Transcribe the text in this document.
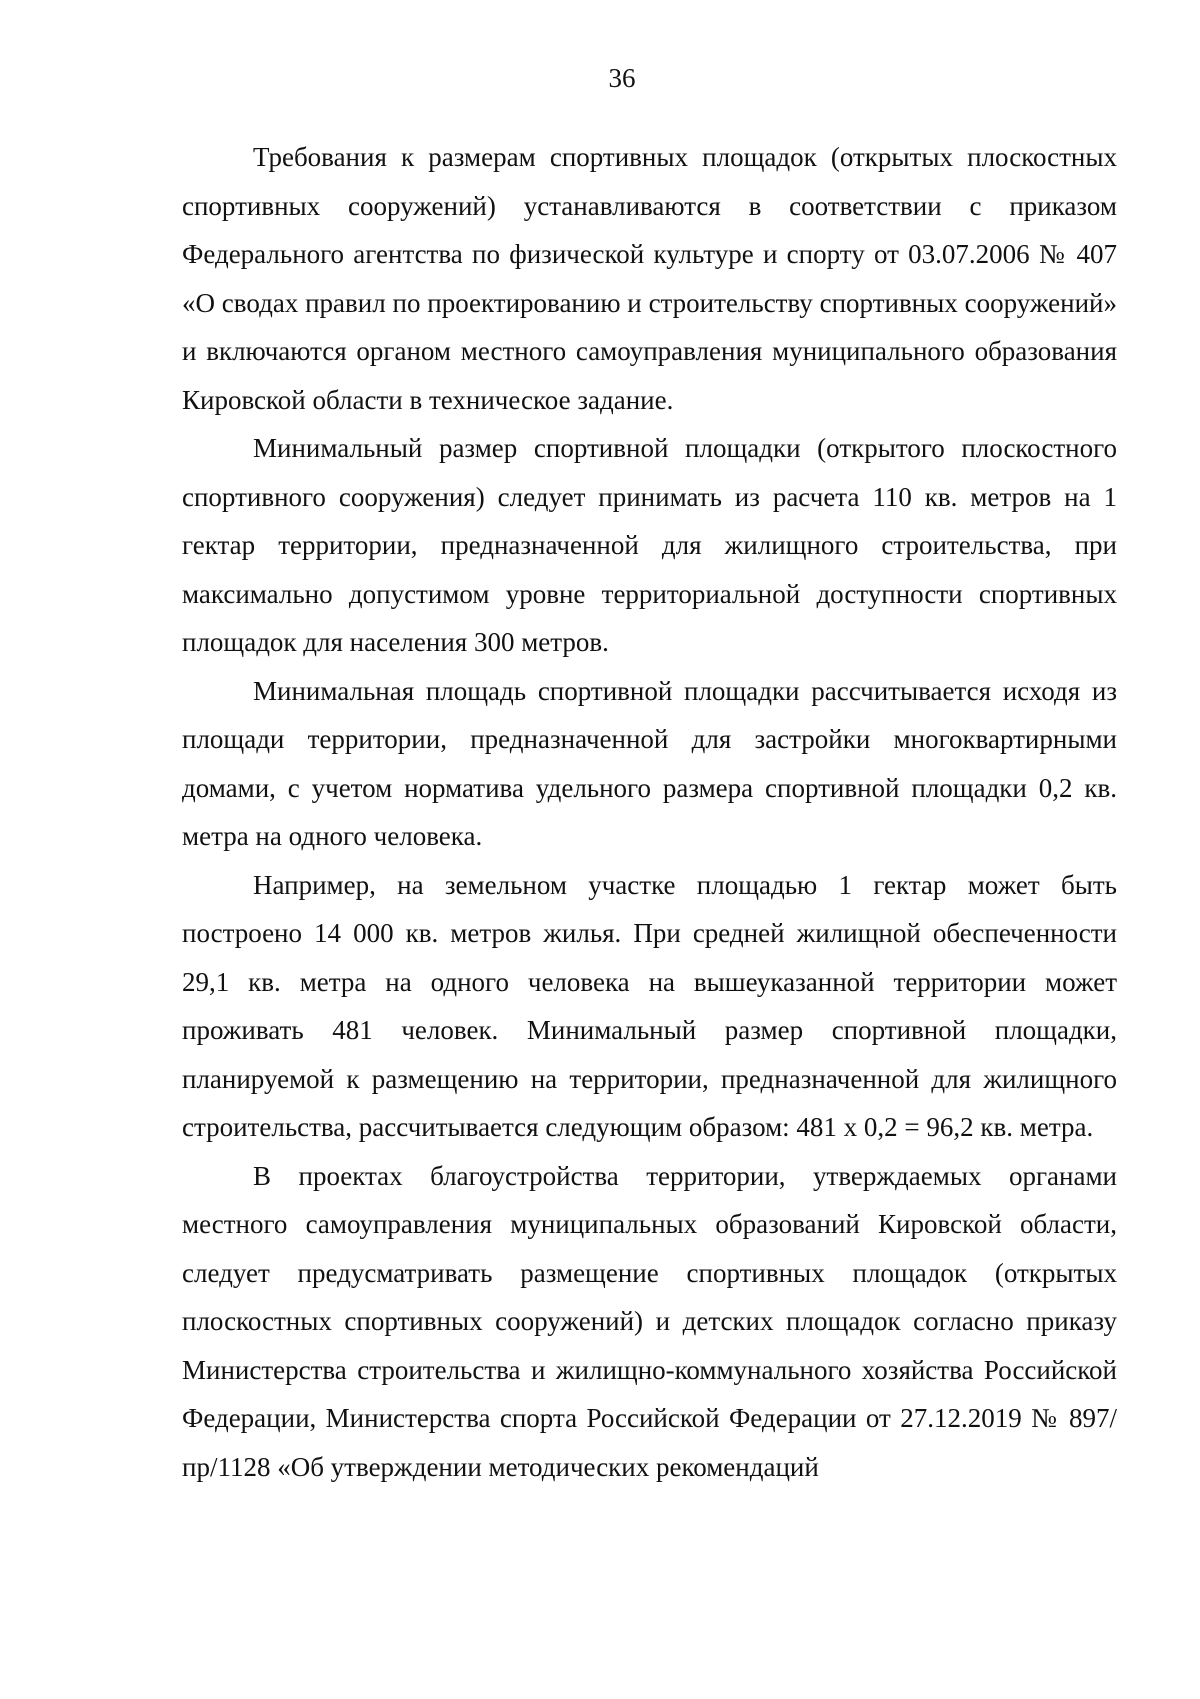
36

Требования к размерам спортивных площадок (открытых плоскостных спортивных сооружений) устанавливаются в соответствии с приказом Федерального агентства по физической культуре и спорту от 03.07.2006 № 407 «О сводах правил по проектированию и строительству спортивных сооружений» и включаются органом местного самоуправления муниципального образования Кировской области в техническое задание.

Минимальный размер спортивной площадки (открытого плоскостного спортивного сооружения) следует принимать из расчета 110 кв. метров на 1 гектар территории, предназначенной для жилищного строительства, при максимально допустимом уровне территориальной доступности спортивных площадок для населения 300 метров.

Минимальная площадь спортивной площадки рассчитывается исходя из площади территории, предназначенной для застройки многоквартирными домами, с учетом норматива удельного размера спортивной площадки 0,2 кв. метра на одного человека.

Например, на земельном участке площадью 1 гектар может быть построено 14 000 кв. метров жилья. При средней жилищной обеспеченности 29,1 кв. метра на одного человека на вышеуказанной территории может проживать 481 человек. Минимальный размер спортивной площадки, планируемой к размещению на территории, предназначенной для жилищного строительства, рассчитывается следующим образом: 481 x 0,2 = 96,2 кв. метра.

В проектах благоустройства территории, утверждаемых органами местного самоуправления муниципальных образований Кировской области, следует предусматривать размещение спортивных площадок (открытых плоскостных спортивных сооружений) и детских площадок согласно приказу Министерства строительства и жилищно-коммунального хозяйства Российской Федерации, Министерства спорта Российской Федерации от 27.12.2019 № 897/пр/1128 «Об утверждении методических рекомендаций
